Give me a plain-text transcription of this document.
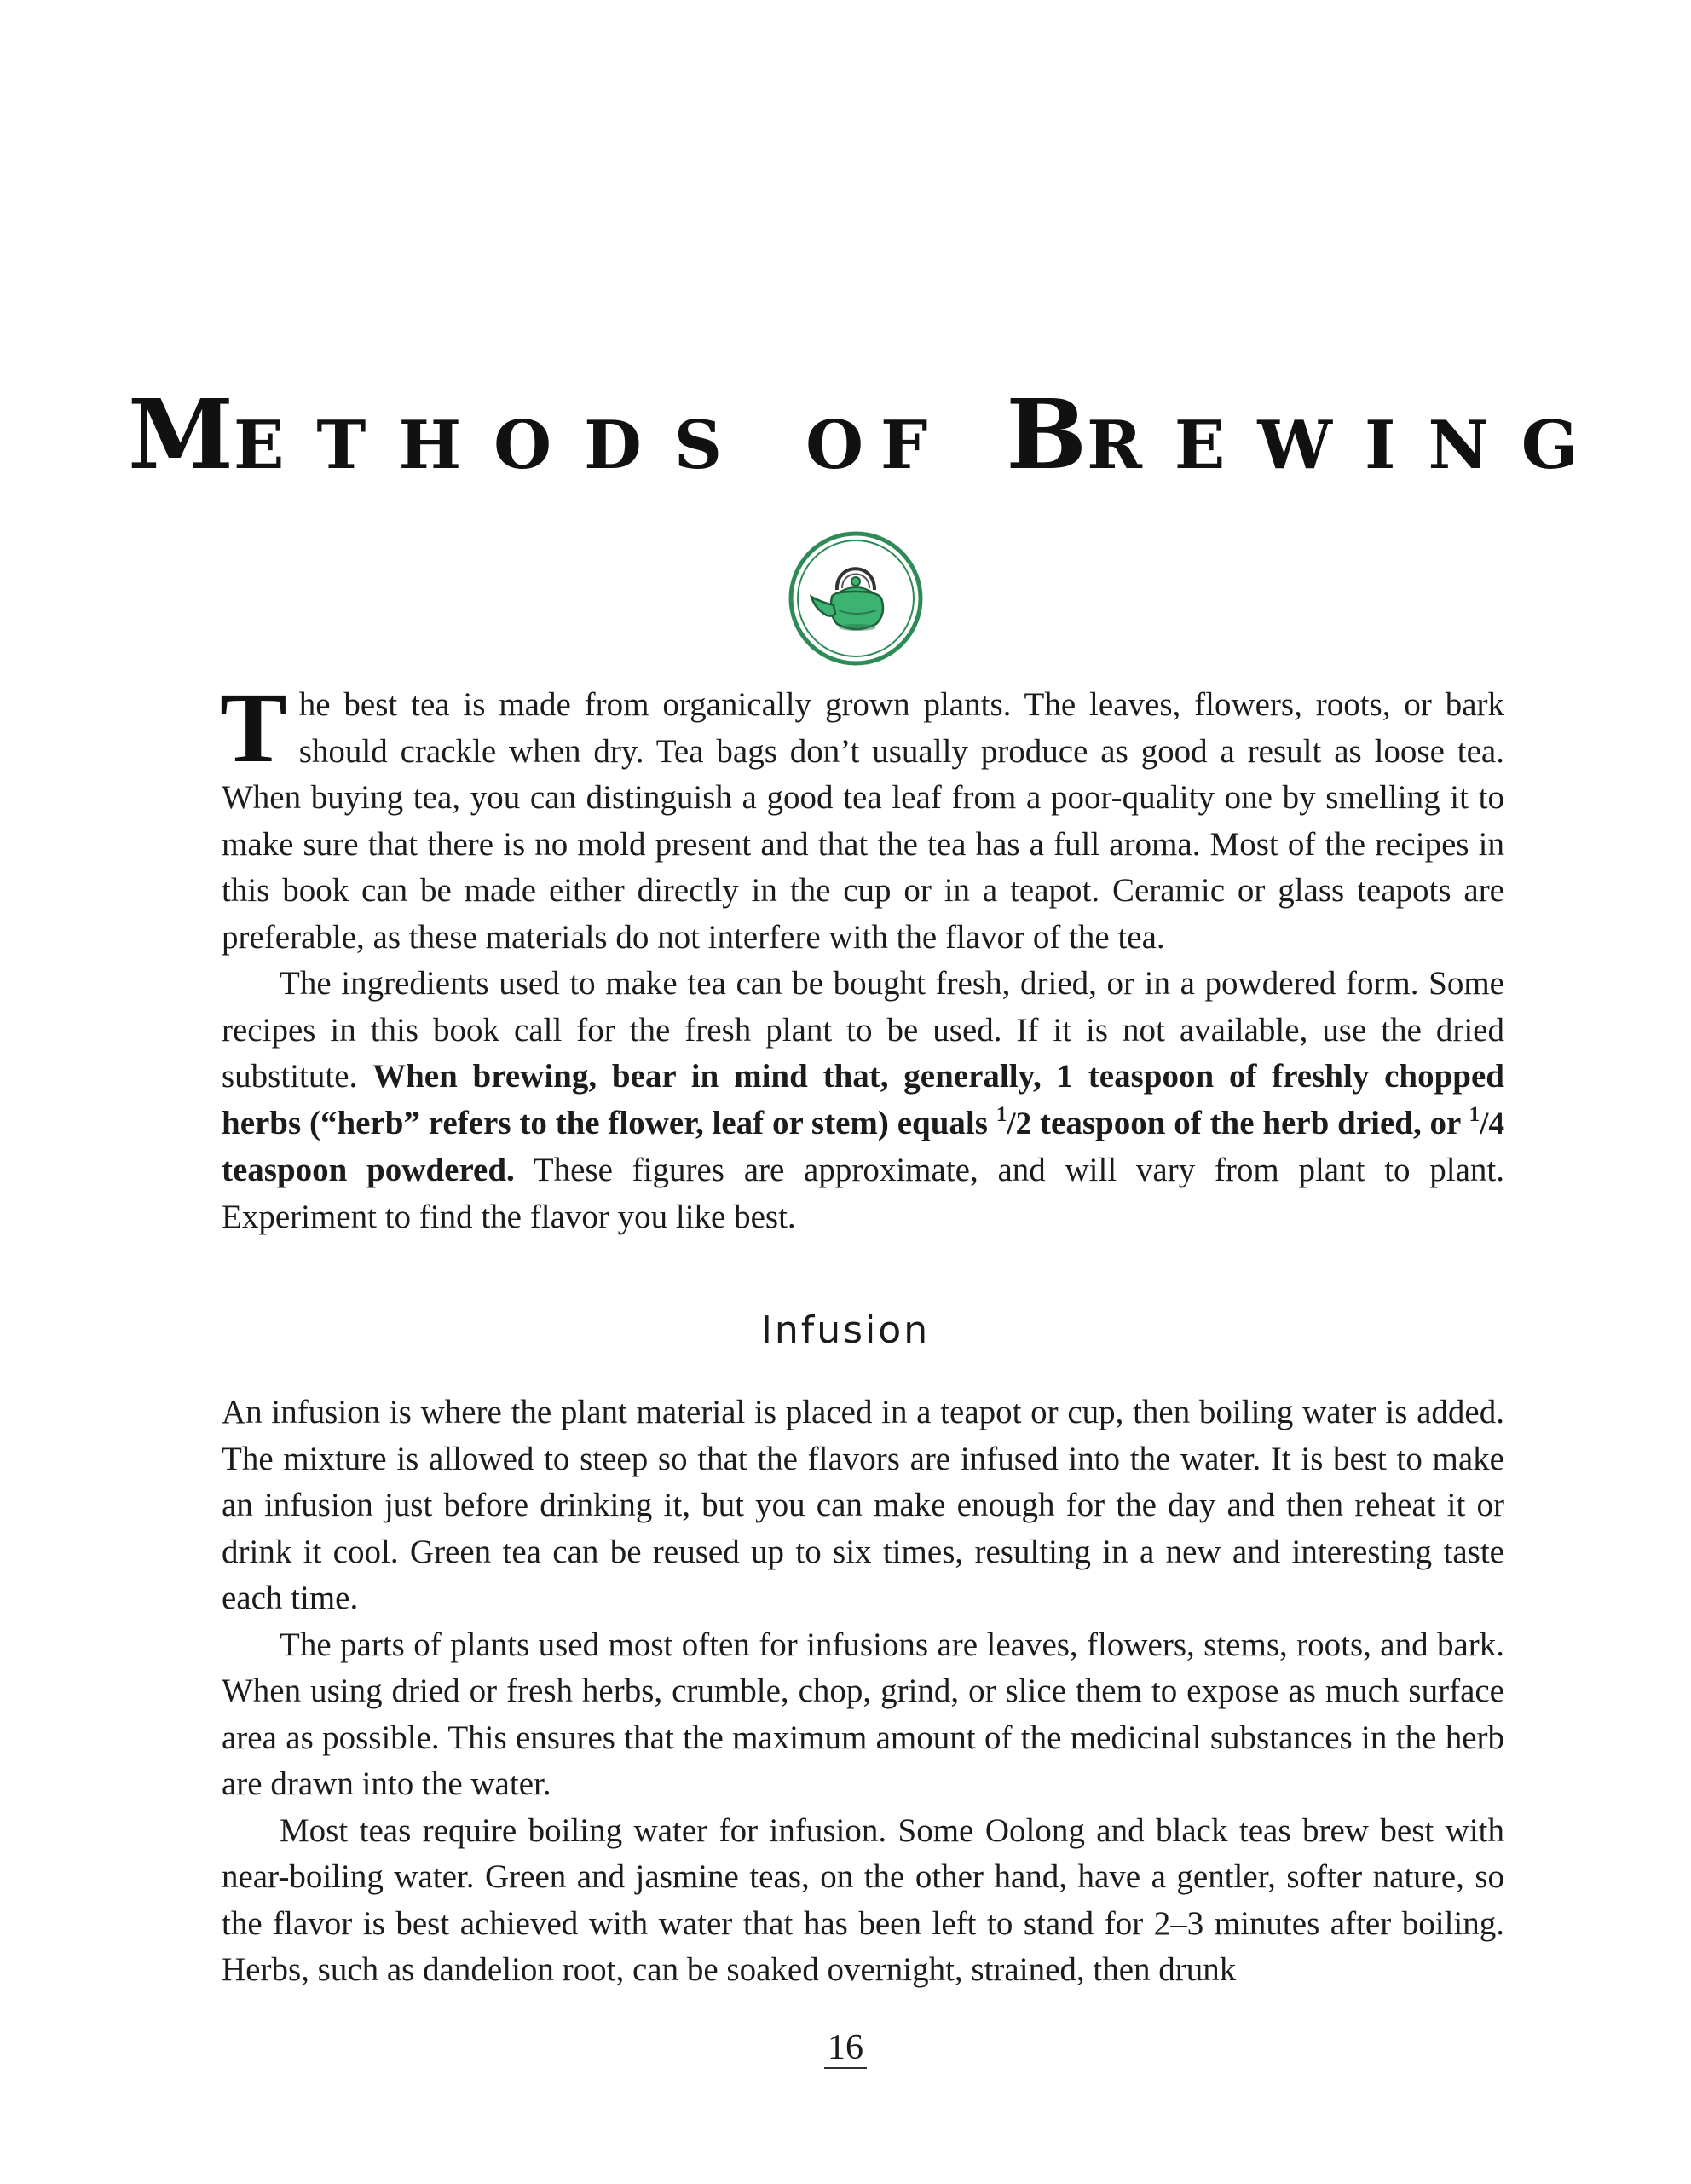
M ETHODS OF B REWING

The best tea is made from organically grown plants. The leaves, flowers, roots, or bark should crackle when dry. Tea bags don’t usually produce as good a result as loose tea. When buying tea, you can distinguish a good tea leaf from a poor-quality one by smelling it to make sure that there is no mold present and that the tea has a full aroma. Most of the recipes in this book can be made either directly in the cup or in a teapot. Ceramic or glass teapots are preferable, as these materials do not interfere with the flavor of the tea.

The ingredients used to make tea can be bought fresh, dried, or in a powdered form. Some recipes in this book call for the fresh plant to be used. If it is not available, use the dried substitute. When brewing, bear in mind that, generally, 1 teaspoon of freshly chopped herbs (“herb” refers to the flower, leaf or stem) equals $^1$/2 teaspoon of the herb dried, or $^1$/4 teaspoon powdered. These figures are approximate, and will vary from plant to plant. Experiment to find the flavor you like best.

Infusion

An infusion is where the plant material is placed in a teapot or cup, then boiling water is added. The mixture is allowed to steep so that the flavors are infused into the water. It is best to make an infusion just before drinking it, but you can make enough for the day and then reheat it or drink it cool. Green tea can be reused up to six times, resulting in a new and interesting taste each time.

The parts of plants used most often for infusions are leaves, flowers, stems, roots, and bark. When using dried or fresh herbs, crumble, chop, grind, or slice them to expose as much surface area as possible. This ensures that the maximum amount of the medicinal substances in the herb are drawn into the water.

Most teas require boiling water for infusion. Some Oolong and black teas brew best with near-boiling water. Green and jasmine teas, on the other hand, have a gentler, softer nature, so the flavor is best achieved with water that has been left to stand for 2–3 minutes after boiling. Herbs, such as dandelion root, can be soaked overnight, strained, then drunk

16
